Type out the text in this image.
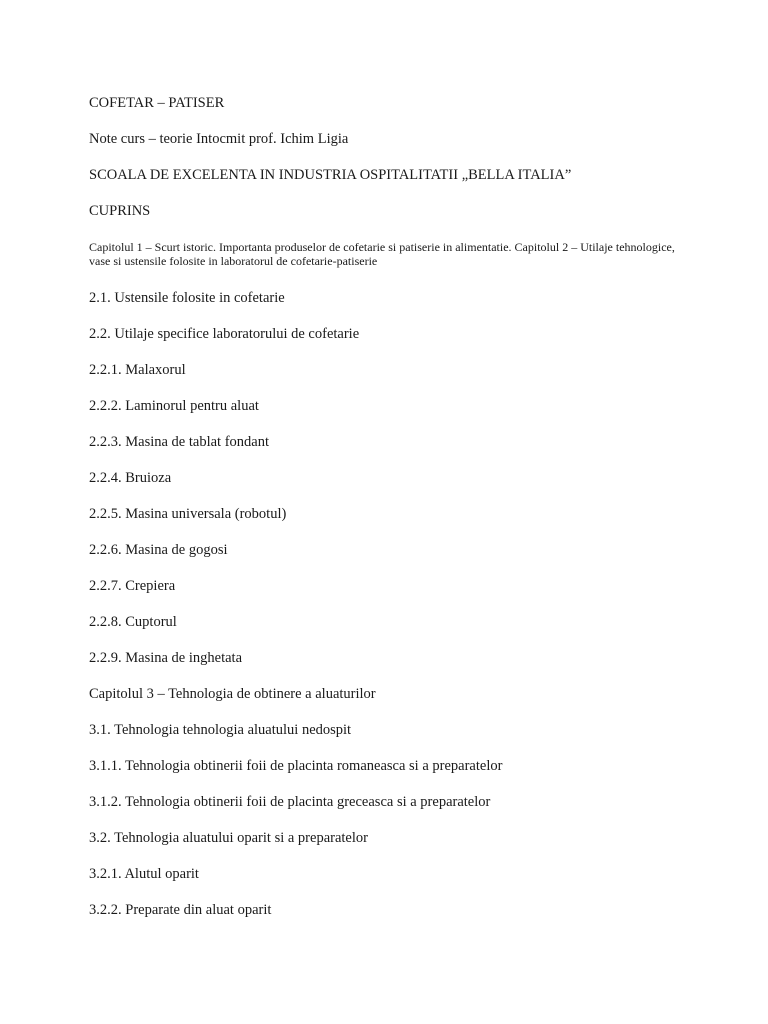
COFETAR – PATISER

Note curs – teorie Intocmit prof. Ichim Ligia

SCOALA DE EXCELENTA IN INDUSTRIA OSPITALITATII „BELLA ITALIA”

CUPRINS

Capitolul 1 – Scurt istoric. Importanta produselor de cofetarie si patiserie in alimentatie. Capitolul 2 – Utilaje tehnologice, vase si ustensile folosite in laboratorul de cofetarie-patiserie

2.1. Ustensile folosite in cofetarie

2.2. Utilaje specifice laboratorului de cofetarie

2.2.1. Malaxorul

2.2.2. Laminorul pentru aluat

2.2.3. Masina de tablat fondant

2.2.4. Bruioza

2.2.5. Masina universala (robotul)

2.2.6. Masina de gogosi

2.2.7. Crepiera

2.2.8. Cuptorul

2.2.9. Masina de inghetata

Capitolul 3 – Tehnologia de obtinere a aluaturilor

3.1. Tehnologia tehnologia aluatului nedospit

3.1.1. Tehnologia obtinerii foii de placinta romaneasca si a preparatelor

3.1.2. Tehnologia obtinerii foii de placinta greceasca si a preparatelor

3.2. Tehnologia aluatului oparit si a preparatelor

3.2.1. Alutul oparit

3.2.2. Preparate din aluat oparit
